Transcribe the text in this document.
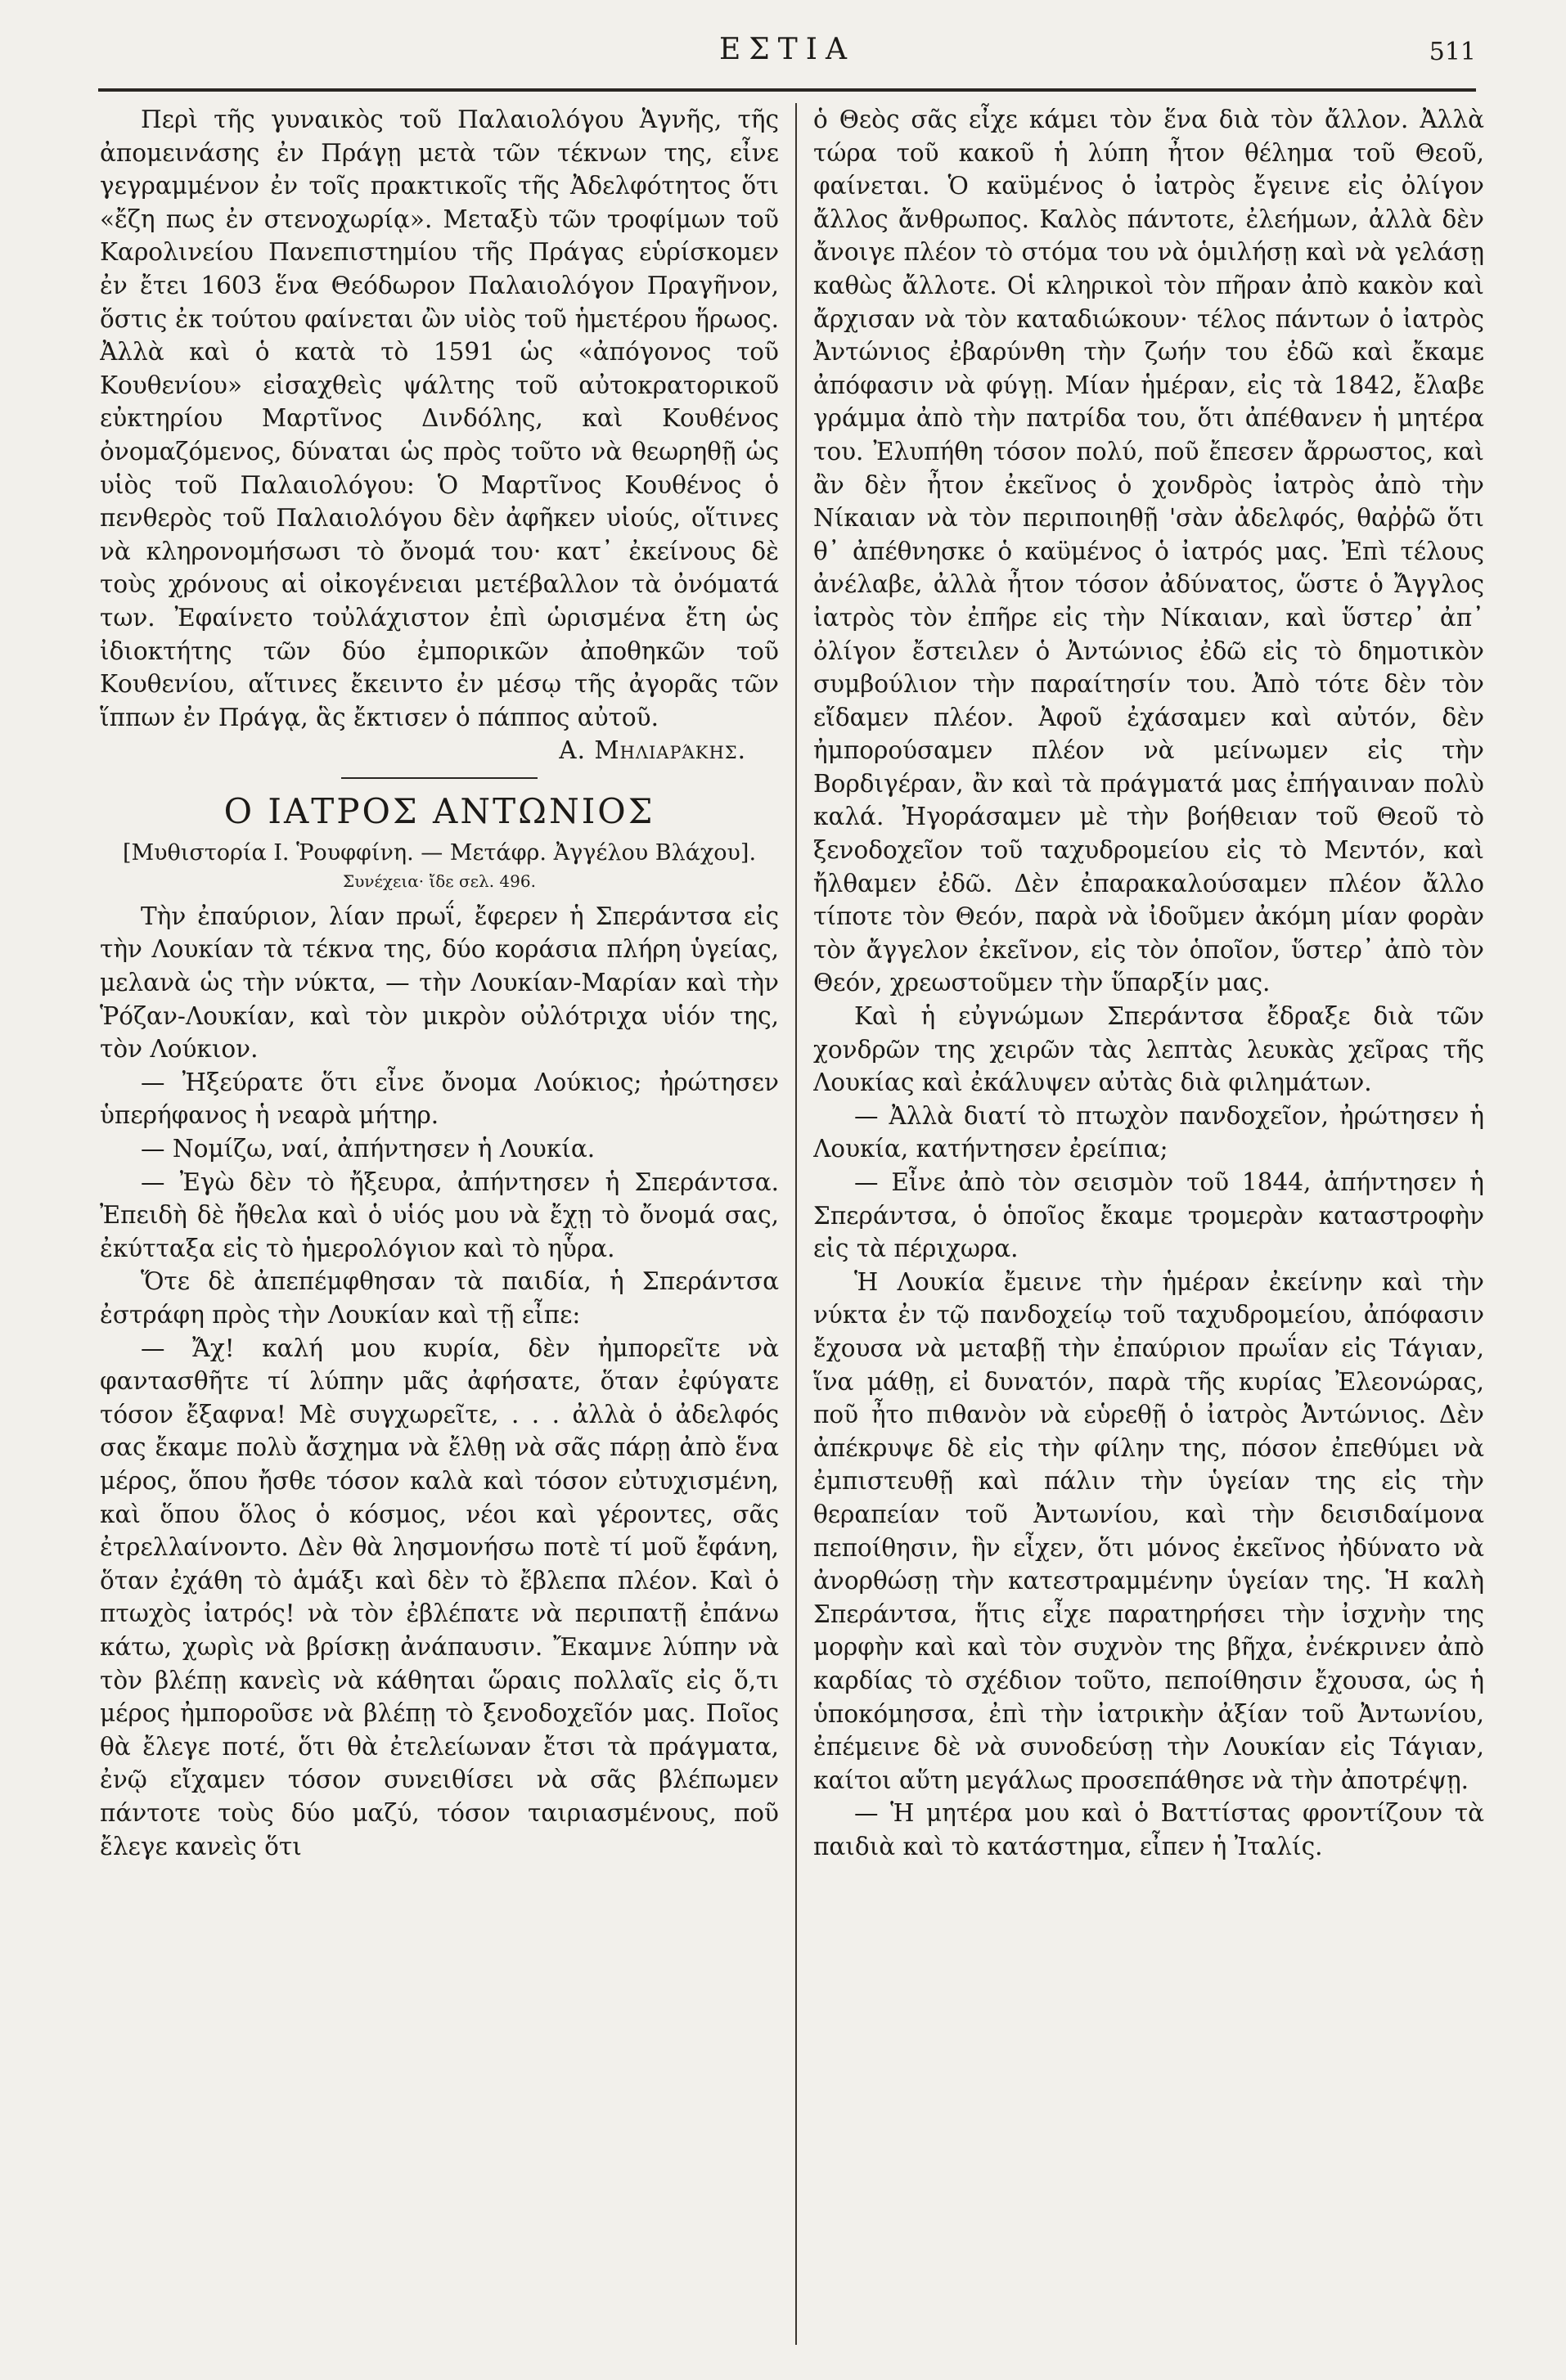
ΕΣΤΙΑ	511

Περὶ τῆς γυναικὸς τοῦ Παλαιολόγου Ἁγνῆς, τῆς ἀπομεινάσης ἐν Πράγῃ μετὰ τῶν τέκνων της, εἶνε γεγραμμένον ἐν τοῖς πρακτικοῖς τῆς Ἀδελφότητος ὅτι «ἔζη πως ἐν στενοχωρίᾳ». Μεταξὺ τῶν τροφίμων τοῦ Καρολινείου Πανεπιστημίου τῆς Πράγας εὑρίσκομεν ἐν ἔτει 1603 ἕνα Θεόδωρον Παλαιολόγον Πραγῆνον, ὅστις ἐκ τούτου φαίνεται ὢν υἱὸς τοῦ ἡμετέρου ἥρωος. Ἀλλὰ καὶ ὁ κατὰ τὸ 1591 ὡς «ἀπόγονος τοῦ Κουθενίου» εἰσαχθεὶς ψάλτης τοῦ αὐτοκρατορικοῦ εὐκτηρίου Μαρτῖνος Δινδόλης, καὶ Κουθένος ὀνομαζόμενος, δύναται ὡς πρὸς τοῦτο νὰ θεωρηθῇ ὡς υἱὸς τοῦ Παλαιολόγου: Ὁ Μαρτῖνος Κουθένος ὁ πενθερὸς τοῦ Παλαιολόγου δὲν ἀφῆκεν υἱούς, οἵτινες νὰ κληρονομήσωσι τὸ ὄνομά του· κατ᾽ ἐκείνους δὲ τοὺς χρόνους αἱ οἰκογένειαι μετέβαλλον τὰ ὀνόματά των. Ἐφαίνετο τοὐλάχιστον ἐπὶ ὡρισμένα ἔτη ὡς ἰδιοκτήτης τῶν δύο ἐμπορικῶν ἀποθηκῶν τοῦ Κουθενίου, αἵτινες ἔκειντο ἐν μέσῳ τῆς ἀγορᾶς τῶν ἵππων ἐν Πράγᾳ, ἃς ἔκτισεν ὁ πάππος αὐτοῦ.

Α. Μηλιαράκης.

Ο ΙΑΤΡΟΣ ΑΝΤΩΝΙΟΣ

[Μυθιστορία Ι. Ῥουφφίνη. — Μετάφρ. Ἀγγέλου Βλάχου].

Συνέχεια· ἴδε σελ. 496.

Τὴν ἐπαύριον, λίαν πρωΐ, ἔφερεν ἡ Σπεράντσα εἰς τὴν Λουκίαν τὰ τέκνα της, δύο κοράσια πλήρη ὑγείας, μελανὰ ὡς τὴν νύκτα, — τὴν Λουκίαν-Μαρίαν καὶ τὴν Ῥόζαν-Λουκίαν, καὶ τὸν μικρὸν οὐλότριχα υἱόν της, τὸν Λούκιον.

— Ἠξεύρατε ὅτι εἶνε ὄνομα Λούκιος; ἠρώτησεν ὑπερήφανος ἡ νεαρὰ μήτηρ.

— Νομίζω, ναί, ἀπήντησεν ἡ Λουκία.

— Ἐγὼ δὲν τὸ ἤξευρα, ἀπήντησεν ἡ Σπεράντσα. Ἐπειδὴ δὲ ἤθελα καὶ ὁ υἱός μου νὰ ἔχῃ τὸ ὄνομά σας, ἐκύτταξα εἰς τὸ ἡμερολόγιον καὶ τὸ ηὗρα.

Ὅτε δὲ ἀπεπέμφθησαν τὰ παιδία, ἡ Σπεράντσα ἐστράφη πρὸς τὴν Λουκίαν καὶ τῇ εἶπε:

— Ἄχ! καλή μου κυρία, δὲν ἠμπορεῖτε νὰ φαντασθῆτε τί λύπην μᾶς ἀφήσατε, ὅταν ἐφύγατε τόσον ἔξαφνα! Μὲ συγχωρεῖτε, . . . ἀλλὰ ὁ ἀδελφός σας ἔκαμε πολὺ ἄσχημα νὰ ἔλθῃ νὰ σᾶς πάρῃ ἀπὸ ἕνα μέρος, ὅπου ἤσθε τόσον καλὰ καὶ τόσον εὐτυχισμένη, καὶ ὅπου ὅλος ὁ κόσμος, νέοι καὶ γέροντες, σᾶς ἐτρελλαίνοντο. Δὲν θὰ λησμονήσω ποτὲ τί μοῦ ἔφάνη, ὅταν ἐχάθη τὸ ἁμάξι καὶ δὲν τὸ ἔβλεπα πλέον. Καὶ ὁ πτωχὸς ἰατρός! νὰ τὸν ἐβλέπατε νὰ περιπατῇ ἐπάνω κάτω, χωρὶς νὰ βρίσκῃ ἀνάπαυσιν. Ἔκαμνε λύπην νὰ τὸν βλέπῃ κανεὶς νὰ κάθηται ὥραις πολλαῖς εἰς ὅ,τι μέρος ἠμποροῦσε νὰ βλέπῃ τὸ ξενοδοχεῖόν μας. Ποῖος θὰ ἔλεγε ποτέ, ὅτι θὰ ἐτελείωναν ἔτσι τὰ πράγματα, ἐνῷ εἴχαμεν τόσον συνειθίσει νὰ σᾶς βλέπωμεν πάντοτε τοὺς δύο μαζύ, τόσον ταιριασμένους, ποῦ ἔλεγε κανεὶς ὅτι

ὁ Θεὸς σᾶς εἶχε κάμει τὸν ἕνα διὰ τὸν ἄλλον. Ἀλλὰ τώρα τοῦ κακοῦ ἡ λύπη ἦτον θέλημα τοῦ Θεοῦ, φαίνεται. Ὁ καϋμένος ὁ ἰατρὸς ἔγεινε εἰς ὀλίγον ἄλλος ἄνθρωπος. Καλὸς πάντοτε, ἐλεήμων, ἀλλὰ δὲν ἄνοιγε πλέον τὸ στόμα του νὰ ὁμιλήσῃ καὶ νὰ γελάσῃ καθὼς ἄλλοτε. Οἱ κληρικοὶ τὸν πῆραν ἀπὸ κακὸν καὶ ἄρχισαν νὰ τὸν καταδιώκουν· τέλος πάντων ὁ ἰατρὸς Ἀντώνιος ἐβαρύνθη τὴν ζωήν του ἐδῶ καὶ ἔκαμε ἀπόφασιν νὰ φύγῃ. Μίαν ἡμέραν, εἰς τὰ 1842, ἔλαβε γράμμα ἀπὸ τὴν πατρίδα του, ὅτι ἀπέθανεν ἡ μητέρα του. Ἐλυπήθη τόσον πολύ, ποῦ ἔπεσεν ἄρρωστος, καὶ ἂν δὲν ἦτον ἐκεῖνος ὁ χονδρὸς ἰατρὸς ἀπὸ τὴν Νίκαιαν νὰ τὸν περιποιηθῇ 'σὰν ἀδελφός, θαῤῥῶ ὅτι θ᾽ ἀπέθνησκε ὁ καϋμένος ὁ ἰατρός μας. Ἐπὶ τέλους ἀνέλαβε, ἀλλὰ ἦτον τόσον ἀδύνατος, ὥστε ὁ Ἄγγλος ἰατρὸς τὸν ἐπῆρε εἰς τὴν Νίκαιαν, καὶ ὕστερ᾽ ἀπ᾽ ὀλίγον ἔστειλεν ὁ Ἀντώνιος ἐδῶ εἰς τὸ δημοτικὸν συμβούλιον τὴν παραίτησίν του. Ἀπὸ τότε δὲν τὸν εἴδαμεν πλέον. Ἀφοῦ ἐχάσαμεν καὶ αὐτόν, δὲν ἠμπορούσαμεν πλέον νὰ μείνωμεν εἰς τὴν Βορδιγέραν, ἂν καὶ τὰ πράγματά μας ἐπήγαιναν πολὺ καλά. Ἠγοράσαμεν μὲ τὴν βοήθειαν τοῦ Θεοῦ τὸ ξενοδοχεῖον τοῦ ταχυδρομείου εἰς τὸ Μεντόν, καὶ ἤλθαμεν ἐδῶ. Δὲν ἐπαρακαλούσαμεν πλέον ἄλλο τίποτε τὸν Θεόν, παρὰ νὰ ἰδοῦμεν ἀκόμη μίαν φορὰν τὸν ἄγγελον ἐκεῖνον, εἰς τὸν ὁποῖον, ὕστερ᾽ ἀπὸ τὸν Θεόν, χρεωστοῦμεν τὴν ὕπαρξίν μας.

Καὶ ἡ εὐγνώμων Σπεράντσα ἔδραξε διὰ τῶν χονδρῶν της χειρῶν τὰς λεπτὰς λευκὰς χεῖρας τῆς Λουκίας καὶ ἐκάλυψεν αὐτὰς διὰ φιλημάτων.

— Ἀλλὰ διατί τὸ πτωχὸν πανδοχεῖον, ἠρώτησεν ἡ Λουκία, κατήντησεν ἐρείπια;

— Εἶνε ἀπὸ τὸν σεισμὸν τοῦ 1844, ἀπήντησεν ἡ Σπεράντσα, ὁ ὁποῖος ἔκαμε τρομερὰν καταστροφὴν εἰς τὰ πέριχωρα.

Ἡ Λουκία ἔμεινε τὴν ἡμέραν ἐκείνην καὶ τὴν νύκτα ἐν τῷ πανδοχείῳ τοῦ ταχυδρομείου, ἀπόφασιν ἔχουσα νὰ μεταβῇ τὴν ἐπαύριον πρωΐαν εἰς Τάγιαν, ἵνα μάθῃ, εἰ δυνατόν, παρὰ τῆς κυρίας Ἐλεονώρας, ποῦ ἦτο πιθανὸν νὰ εὑρεθῇ ὁ ἰατρὸς Ἀντώνιος. Δὲν ἀπέκρυψε δὲ εἰς τὴν φίλην της, πόσον ἐπεθύμει νὰ ἐμπιστευθῇ καὶ πάλιν τὴν ὑγείαν της εἰς τὴν θεραπείαν τοῦ Ἀντωνίου, καὶ τὴν δεισιδαίμονα πεποίθησιν, ἣν εἶχεν, ὅτι μόνος ἐκεῖνος ἠδύνατο νὰ ἀνορθώσῃ τὴν κατεστραμμένην ὑγείαν της. Ἡ καλὴ Σπεράντσα, ἥτις εἶχε παρατηρήσει τὴν ἰσχνὴν της μορφὴν καὶ καὶ τὸν συχνὸν της βῆχα, ἐνέκρινεν ἀπὸ καρδίας τὸ σχέδιον τοῦτο, πεποίθησιν ἔχουσα, ὡς ἡ ὑποκόμησσα, ἐπὶ τὴν ἰατρικὴν ἀξίαν τοῦ Ἀντωνίου, ἐπέμεινε δὲ νὰ συνοδεύσῃ τὴν Λουκίαν εἰς Τάγιαν, καίτοι αὕτη μεγάλως προσεπάθησε νὰ τὴν ἀποτρέψῃ.

— Ἡ μητέρα μου καὶ ὁ Βαττίστας φροντίζουν τὰ παιδιὰ καὶ τὸ κατάστημα, εἶπεν ἡ Ἰταλίς.
